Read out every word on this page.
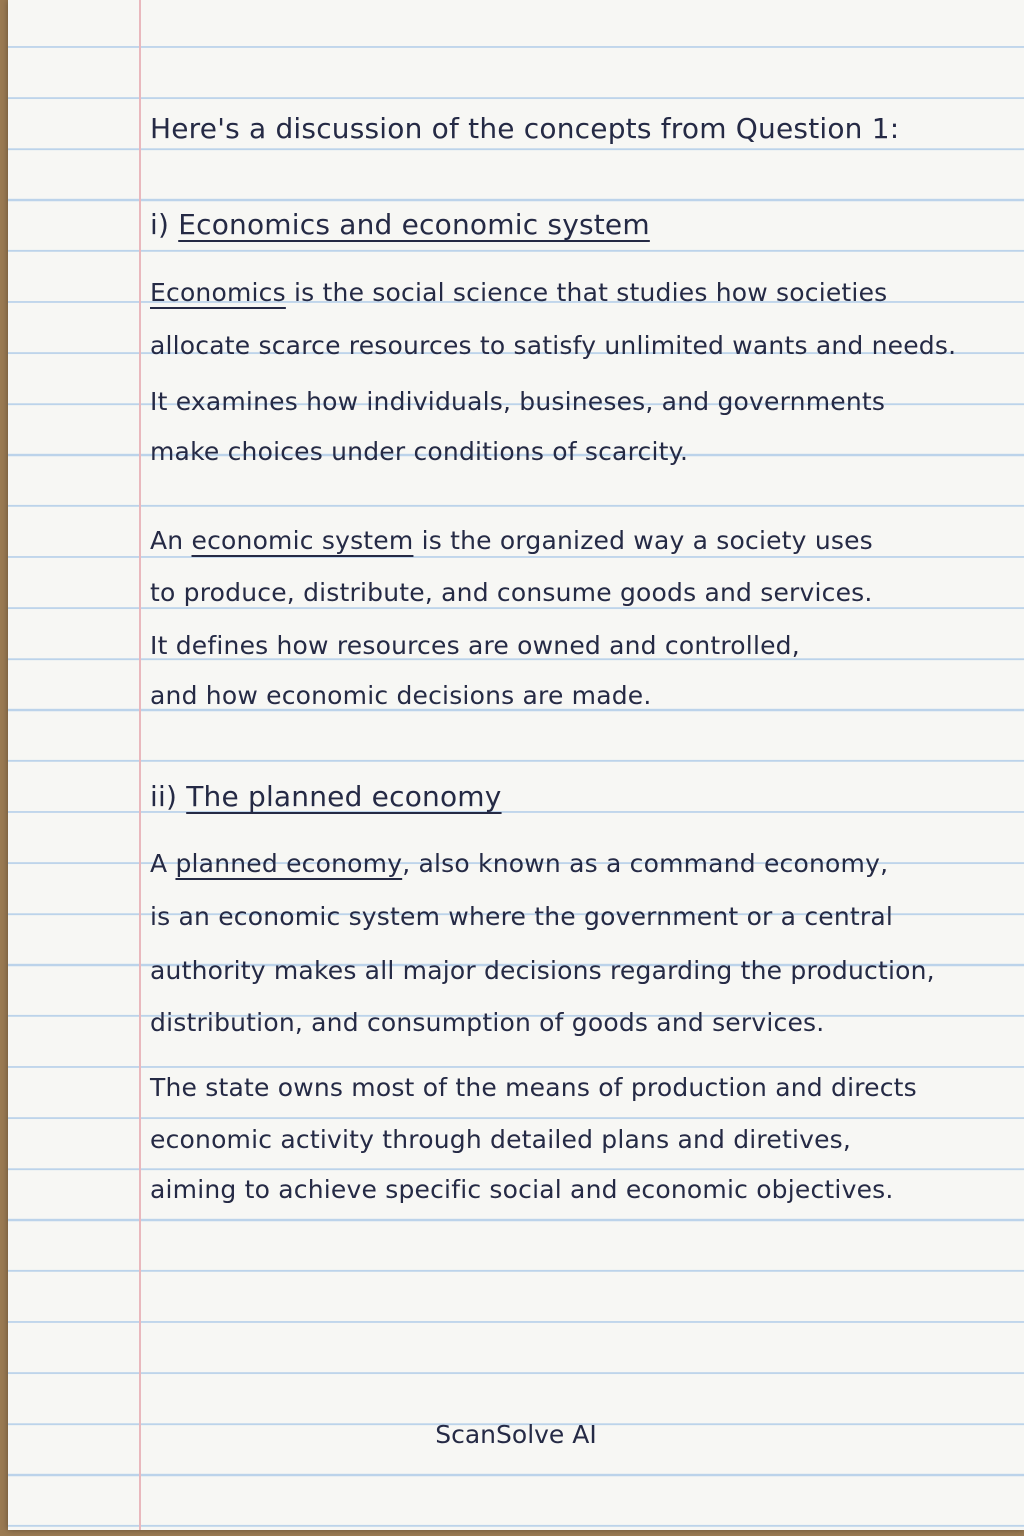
Here's a discussion of the concepts from Question 1:
i) Economics and economic system
Economics is the social science that studies how societies
allocate scarce resources to satisfy unlimited wants and needs.
It examines how individuals, busineses, and governments
make choices under conditions of scarcity.
An economic system is the organized way a society uses
to produce, distribute, and consume goods and services.
It defines how resources are owned and controlled,
and how economic decisions are made.
ii) The planned economy
A planned economy, also known as a command economy,
is an economic system where the government or a central
authority makes all major decisions regarding the production,
distribution, and consumption of goods and services.
The state owns most of the means of production and directs
economic activity through detailed plans and diretives,
aiming to achieve specific social and economic objectives.
ScanSolve AI
